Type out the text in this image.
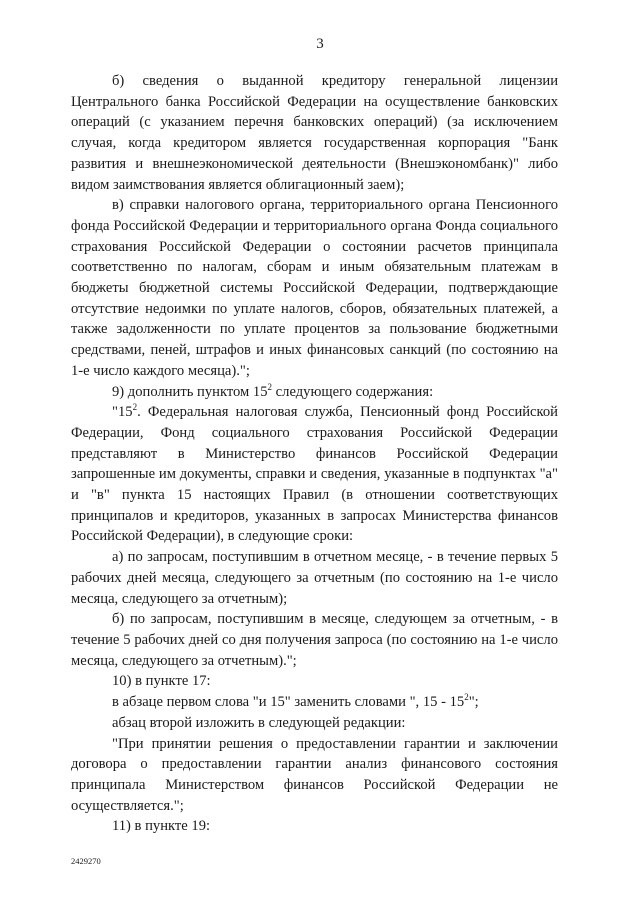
3

б) сведения о выданной кредитору генеральной лицензии Центрального банка Российской Федерации на осуществление банковских операций (с указанием перечня банковских операций) (за исключением случая, когда кредитором является государственная корпорация "Банк развития и внешнеэкономической деятельности (Внешэкономбанк)" либо видом заимствования является облигационный заем);

в) справки налогового органа, территориального органа Пенсионного фонда Российской Федерации и территориального органа Фонда социального страхования Российской Федерации о состоянии расчетов принципала соответственно по налогам, сборам и иным обязательным платежам в бюджеты бюджетной системы Российской Федерации, подтверждающие отсутствие недоимки по уплате налогов, сборов, обязательных платежей, а также задолженности по уплате процентов за пользование бюджетными средствами, пеней, штрафов и иных финансовых санкций (по состоянию на 1-е число каждого месяца).";

9) дополнить пунктом $15^2$ следующего содержания:

"$15^2$. Федеральная налоговая служба, Пенсионный фонд Российской Федерации, Фонд социального страхования Российской Федерации представляют в Министерство финансов Российской Федерации запрошенные им документы, справки и сведения, указанные в подпунктах "а" и "в" пункта 15 настоящих Правил (в отношении соответствующих принципалов и кредиторов, указанных в запросах Министерства финансов Российской Федерации), в следующие сроки:

а) по запросам, поступившим в отчетном месяце, - в течение первых 5 рабочих дней месяца, следующего за отчетным (по состоянию на 1-е число месяца, следующего за отчетным);

б) по запросам, поступившим в месяце, следующем за отчетным, - в течение 5 рабочих дней со дня получения запроса (по состоянию на 1-е число месяца, следующего за отчетным).";

10) в пункте 17:

в абзаце первом слова "и 15" заменить словами ", $15 - 15^2$";

абзац второй изложить в следующей редакции:

"При принятии решения о предоставлении гарантии и заключении договора о предоставлении гарантии анализ финансового состояния принципала Министерством финансов Российской Федерации не осуществляется.";

11) в пункте 19:

2429270
